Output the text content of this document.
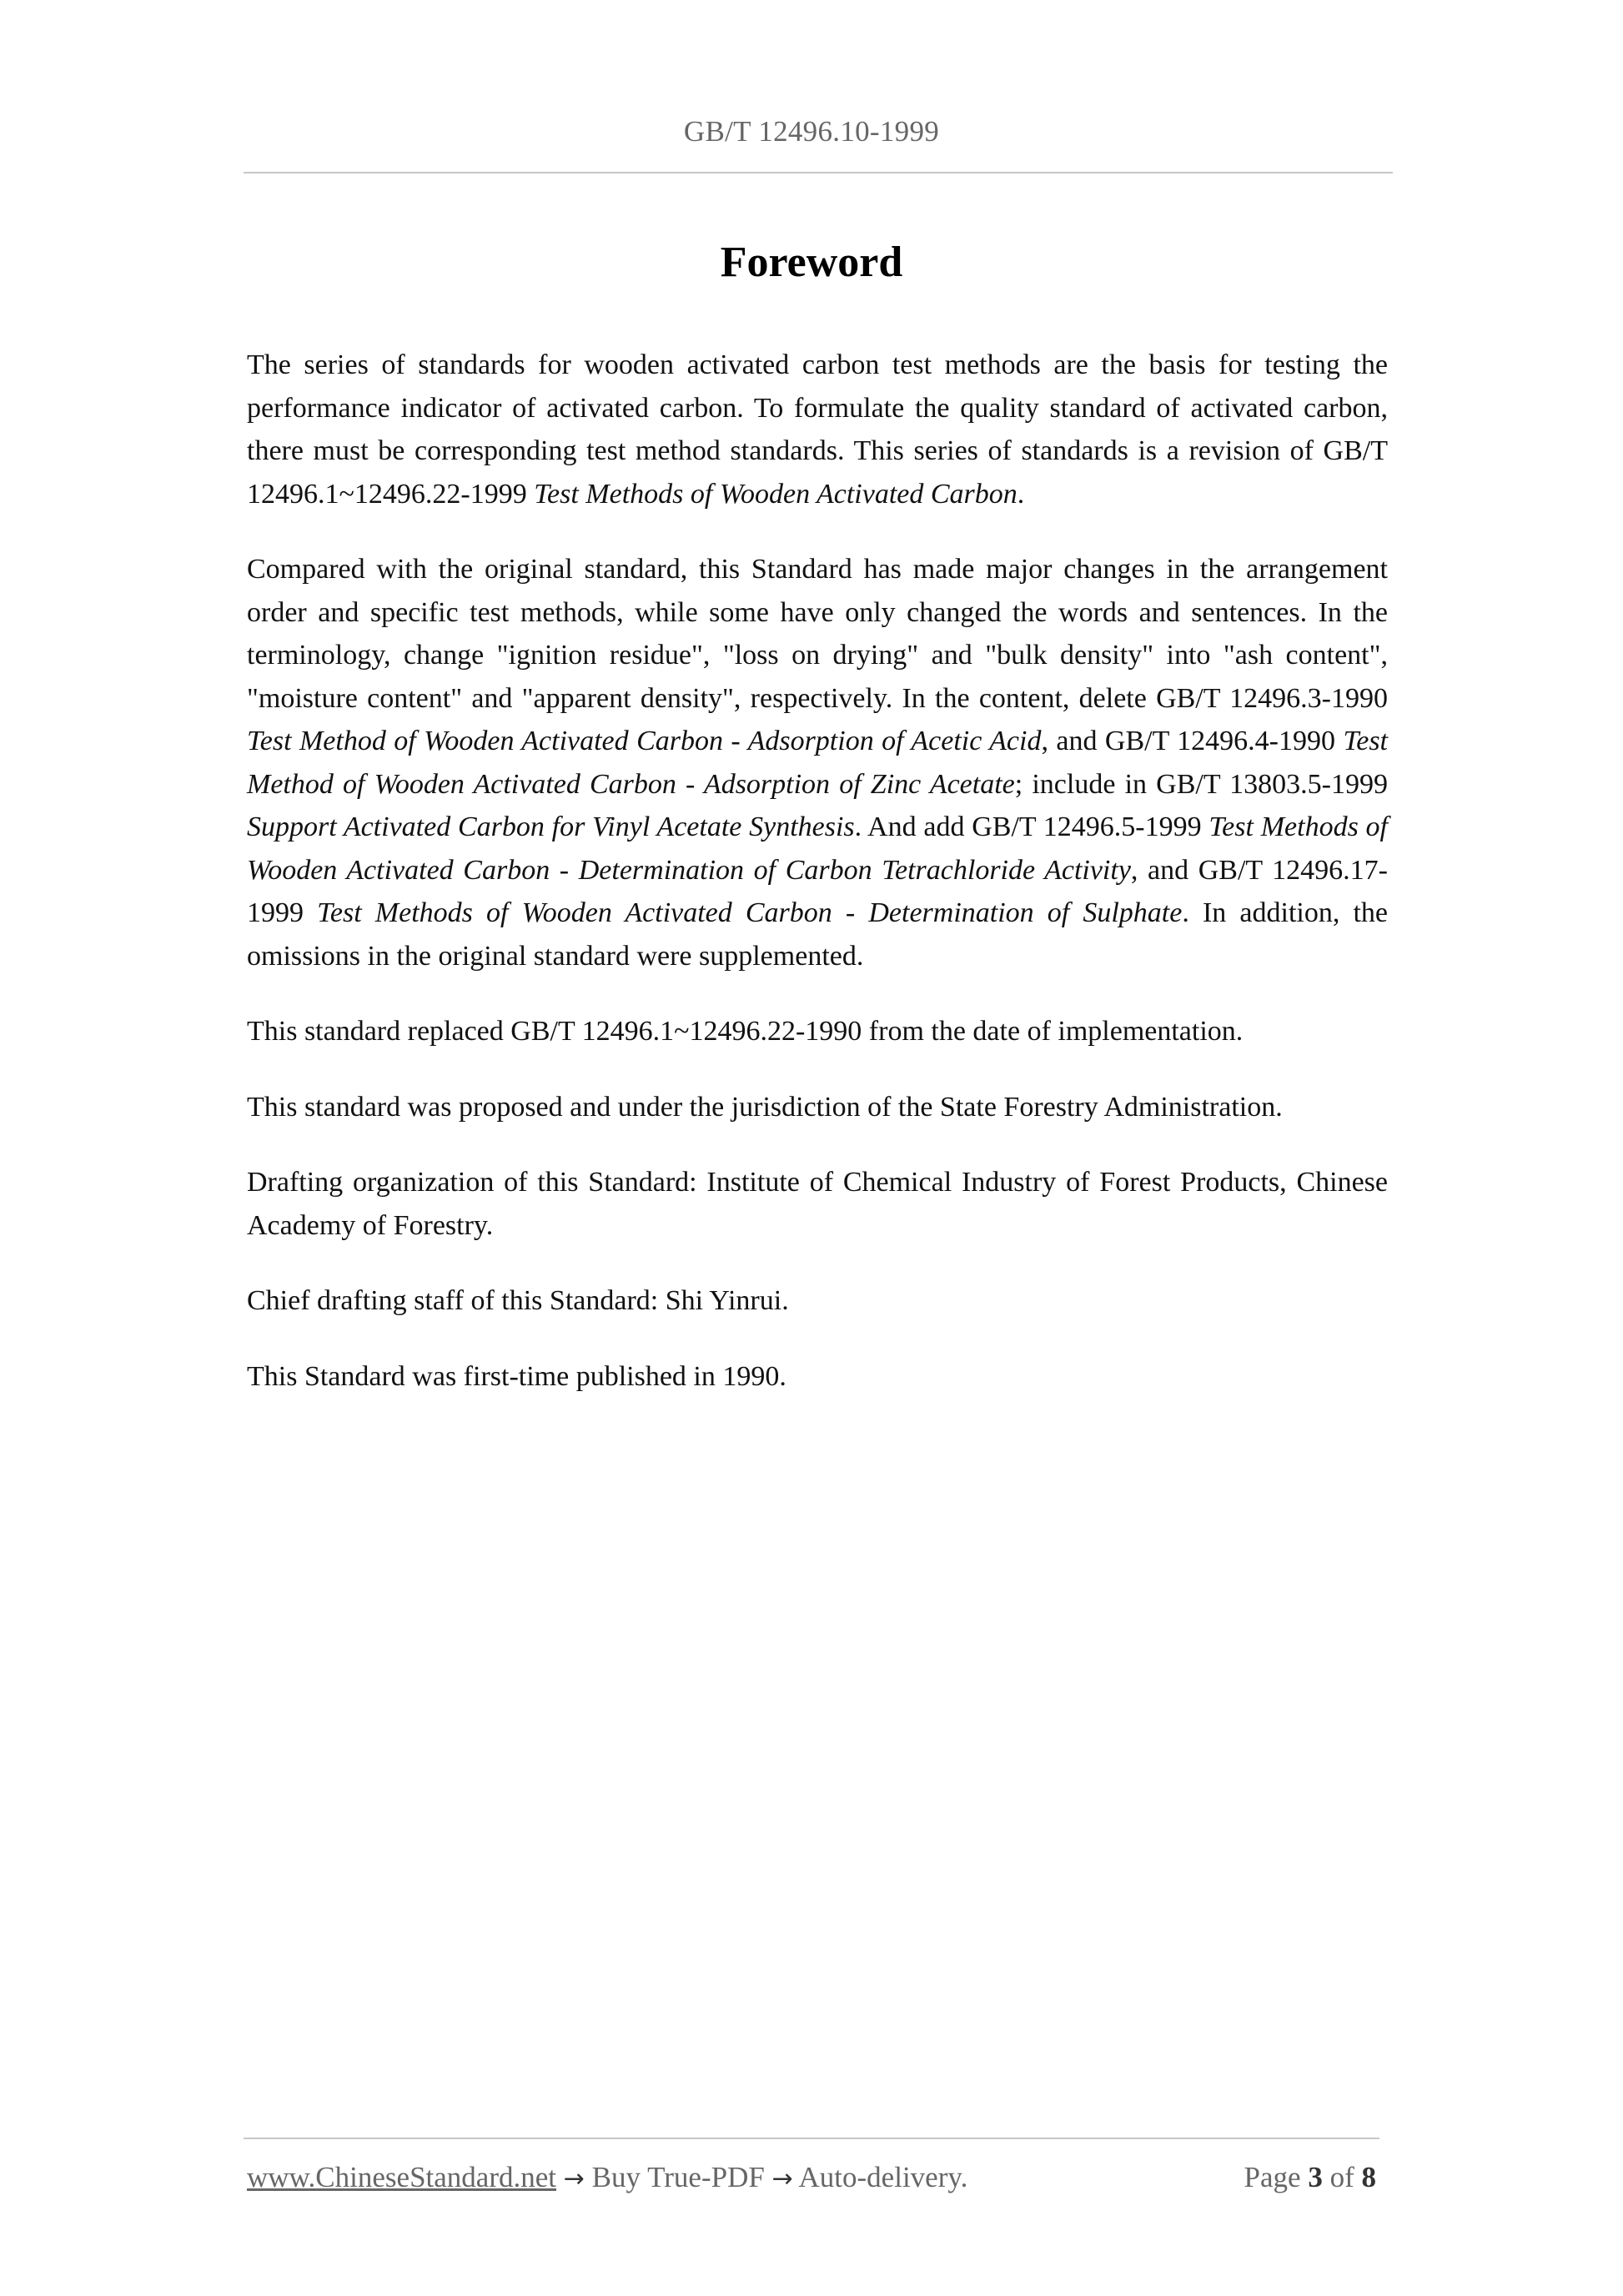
GB/T 12496.10-1999
Foreword

The series of standards for wooden activated carbon test methods are the basis for testing the performance indicator of activated carbon. To formulate the quality standard of activated carbon, there must be corresponding test method standards. This series of standards is a revision of GB/T 12496.1~12496.22-1999 Test Methods of Wooden Activated Carbon.

Compared with the original standard, this Standard has made major changes in the arrangement order and specific test methods, while some have only changed the words and sentences. In the terminology, change "ignition residue", "loss on drying" and "bulk density" into "ash content", "moisture content" and "apparent density", respectively. In the content, delete GB/T 12496.3-1990 Test Method of Wooden Activated Carbon - Adsorption of Acetic Acid, and GB/T 12496.4-1990 Test Method of Wooden Activated Carbon - Adsorption of Zinc Acetate; include in GB/T 13803.5-1999 Support Activated Carbon for Vinyl Acetate Synthesis. And add GB/T 12496.5-1999 Test Methods of Wooden Activated Carbon - Determination of Carbon Tetrachloride Activity, and GB/T 12496.17-1999 Test Methods of Wooden Activated Carbon - Determination of Sulphate. In addition, the omissions in the original standard were supplemented.

This standard replaced GB/T 12496.1~12496.22-1990 from the date of implementation.

This standard was proposed and under the jurisdiction of the State Forestry Administration.

Drafting organization of this Standard: Institute of Chemical Industry of Forest Products, Chinese Academy of Forestry.

Chief drafting staff of this Standard: Shi Yinrui.

This Standard was first-time published in 1990.

www.ChineseStandard.net → Buy True-PDF → Auto-delivery.	Page 3 of 8
